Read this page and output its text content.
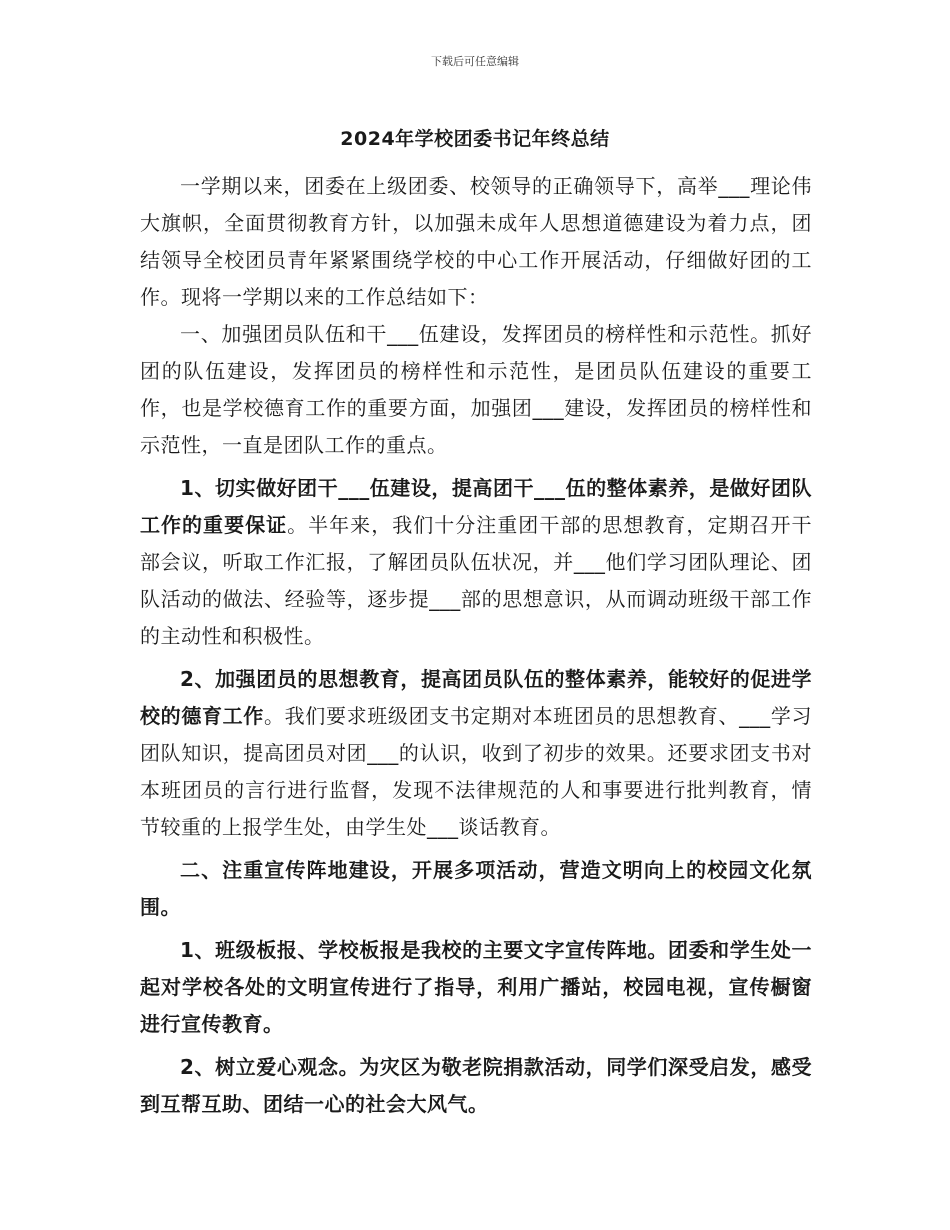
下载后可任意编辑
2024年学校团委书记年终总结

一学期以来，团委在上级团委、校领导的正确领导下，高举___理论伟大旗帜，全面贯彻教育方针，以加强未成年人思想道德建设为着力点，团结领导全校团员青年紧紧围绕学校的中心工作开展活动，仔细做好团的工作。现将一学期以来的工作总结如下：

一、加强团员队伍和干___伍建设，发挥团员的榜样性和示范性。抓好团的队伍建设，发挥团员的榜样性和示范性，是团员队伍建设的重要工作，也是学校德育工作的重要方面，加强团___建设，发挥团员的榜样性和示范性，一直是团队工作的重点。

1、切实做好团干___伍建设，提高团干___伍的整体素养，是做好团队工作的重要保证。半年来，我们十分注重团干部的思想教育，定期召开干部会议，听取工作汇报，了解团员队伍状况，并___他们学习团队理论、团队活动的做法、经验等，逐步提___部的思想意识，从而调动班级干部工作的主动性和积极性。

2、加强团员的思想教育，提高团员队伍的整体素养，能较好的促进学校的德育工作。我们要求班级团支书定期对本班团员的思想教育、___学习团队知识，提高团员对团___的认识，收到了初步的效果。还要求团支书对本班团员的言行进行监督，发现不法律规范的人和事要进行批判教育，情节较重的上报学生处，由学生处___谈话教育。

二、注重宣传阵地建设，开展多项活动，营造文明向上的校园文化氛围。

1、班级板报、学校板报是我校的主要文字宣传阵地。团委和学生处一起对学校各处的文明宣传进行了指导，利用广播站，校园电视，宣传橱窗进行宣传教育。

2、树立爱心观念。为灾区为敬老院捐款活动，同学们深受启发，感受到互帮互助、团结一心的社会大风气。
